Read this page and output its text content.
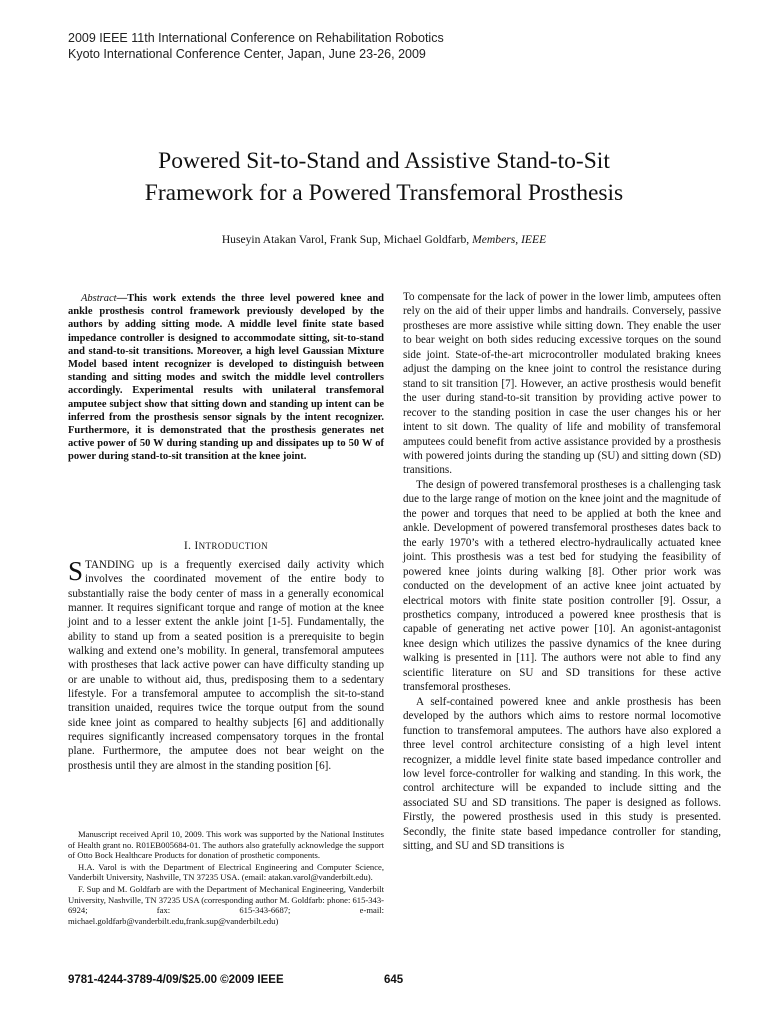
2009 IEEE 11th International Conference on Rehabilitation Robotics
Kyoto International Conference Center, Japan, June 23-26, 2009
Powered Sit-to-Stand and Assistive Stand-to-Sit
Framework for a Powered Transfemoral Prosthesis
Huseyin Atakan Varol, Frank Sup, Michael Goldfarb, Members, IEEE
Abstract—This work extends the three level powered knee and ankle prosthesis control framework previously developed by the authors by adding sitting mode. A middle level finite state based impedance controller is designed to accommodate sitting, sit-to-stand and stand-to-sit transitions. Moreover, a high level Gaussian Mixture Model based intent recognizer is developed to distinguish between standing and sitting modes and switch the middle level controllers accordingly. Experimental results with unilateral transfemoral amputee subject show that sitting down and standing up intent can be inferred from the prosthesis sensor signals by the intent recognizer. Furthermore, it is demonstrated that the prosthesis generates net active power of 50 W during standing up and dissipates up to 50 W of power during stand-to-sit transition at the knee joint.
I. INTRODUCTION

STANDING up is a frequently exercised daily activity which involves the coordinated movement of the entire body to substantially raise the body center of mass in a generally economical manner. It requires significant torque and range of motion at the knee joint and to a lesser extent the ankle joint [1-5]. Fundamentally, the ability to stand up from a seated position is a prerequisite to begin walking and extend one’s mobility. In general, transfemoral amputees with prostheses that lack active power can have difficulty standing up or are unable to without aid, thus, predisposing them to a sedentary lifestyle. For a transfemoral amputee to accomplish the sit-to-stand transition unaided, requires twice the torque output from the sound side knee joint as compared to healthy subjects [6] and additionally requires significantly increased compensatory torques in the frontal plane. Furthermore, the amputee does not bear weight on the prosthesis until they are almost in the standing position [6].

Manuscript received April 10, 2009. This work was supported by the National Institutes of Health grant no. R01EB005684-01. The authors also gratefully acknowledge the support of Otto Bock Healthcare Products for donation of prosthetic components.

H.A. Varol is with the Department of Electrical Engineering and Computer Science, Vanderbilt University, Nashville, TN 37235 USA. (email: atakan.varol@vanderbilt.edu).

F. Sup and M. Goldfarb are with the Department of Mechanical Engineering, Vanderbilt University, Nashville, TN 37235 USA (corresponding author M. Goldfarb: phone: 615-343-6924; fax: 615-343-6687; e-mail: michael.goldfarb@vanderbilt.edu,frank.sup@vanderbilt.edu)

To compensate for the lack of power in the lower limb, amputees often rely on the aid of their upper limbs and handrails. Conversely, passive prostheses are more assistive while sitting down. They enable the user to bear weight on both sides reducing excessive torques on the sound side joint. State-of-the-art microcontroller modulated braking knees adjust the damping on the knee joint to control the resistance during stand to sit transition [7]. However, an active prosthesis would benefit the user during stand-to-sit transition by providing active power to recover to the standing position in case the user changes his or her intent to sit down. The quality of life and mobility of transfemoral amputees could benefit from active assistance provided by a prosthesis with powered joints during the standing up (SU) and sitting down (SD) transitions.

The design of powered transfemoral prostheses is a challenging task due to the large range of motion on the knee joint and the magnitude of the power and torques that need to be applied at both the knee and ankle. Development of powered transfemoral prostheses dates back to the early 1970’s with a tethered electro-hydraulically actuated knee joint. This prosthesis was a test bed for studying the feasibility of powered knee joints during walking [8]. Other prior work was conducted on the development of an active knee joint actuated by electrical motors with finite state position controller [9]. Ossur, a prosthetics company, introduced a powered knee prosthesis that is capable of generating net active power [10]. An agonist-antagonist knee design which utilizes the passive dynamics of the knee during walking is presented in [11]. The authors were not able to find any scientific literature on SU and SD transitions for these active transfemoral prostheses.

A self-contained powered knee and ankle prosthesis has been developed by the authors which aims to restore normal locomotive function to transfemoral amputees. The authors have also explored a three level control architecture consisting of a high level intent recognizer, a middle level finite state based impedance controller and low level force-controller for walking and standing. In this work, the control architecture will be expanded to include sitting and the associated SU and SD transitions. The paper is designed as follows. Firstly, the powered prosthesis used in this study is presented. Secondly, the finite state based impedance controller for standing, sitting, and SU and SD transitions is

9781-4244-3789-4/09/$25.00 ©2009 IEEE	645
